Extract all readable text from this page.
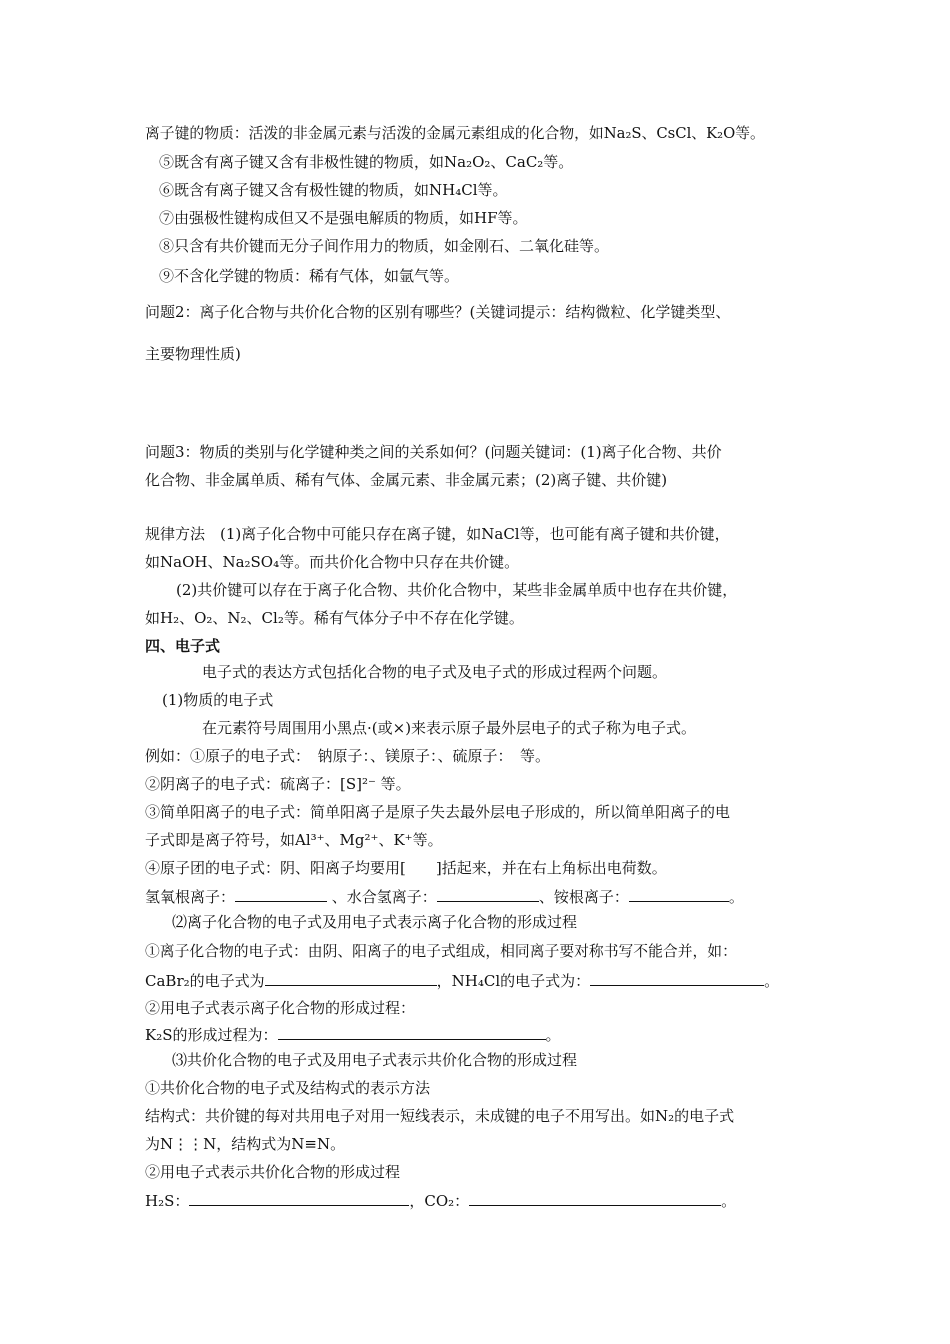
离子键的物质：活泼的非金属元素与活泼的金属元素组成的化合物，如Na₂S、CsCl、K₂O等。
⑤既含有离子键又含有非极性键的物质，如Na₂O₂、CaC₂等。
⑥既含有离子键又含有极性键的物质，如NH₄Cl等。
⑦由强极性键构成但又不是强电解质的物质，如HF等。
⑧只含有共价键而无分子间作用力的物质，如金刚石、二氧化硅等。
⑨不含化学键的物质：稀有气体，如氩气等。
问题2：离子化合物与共价化合物的区别有哪些？(关键词提示：结构微粒、化学键类型、
主要物理性质)
问题3：物质的类别与化学键种类之间的关系如何？(问题关键词：(1)离子化合物、共价
化合物、非金属单质、稀有气体、金属元素、非金属元素；(2)离子键、共价键)
规律方法　(1)离子化合物中可能只存在离子键，如NaCl等，也可能有离子键和共价键，
如NaOH、Na₂SO₄等。而共价化合物中只存在共价键。
(2)共价键可以存在于离子化合物、共价化合物中，某些非金属单质中也存在共价键，
如H₂、O₂、N₂、Cl₂等。稀有气体分子中不存在化学键。
四、电子式
电子式的表达方式包括化合物的电子式及电子式的形成过程两个问题。
(1)物质的电子式
在元素符号周围用小黑点·(或×)来表示原子最外层电子的式子称为电子式。
例如：①原子的电子式：　钠原子：、镁原子：、硫原子：　等。
②阴离子的电子式：硫离子：[S]²⁻ 等。
③简单阳离子的电子式：简单阳离子是原子失去最外层电子形成的，所以简单阳离子的电
子式即是离子符号，如Al³⁺、Mg²⁺、K⁺等。
④原子团的电子式：阴、阳离子均要用[　　]括起来，并在右上角标出电荷数。
氢氧根离子：	、水合氢离子：	、铵根离子：	。
⑵离子化合物的电子式及用电子式表示离子化合物的形成过程
①离子化合物的电子式：由阴、阳离子的电子式组成，相同离子要对称书写不能合并，如：
CaBr₂的电子式为	，NH₄Cl的电子式为：	。
②用电子式表示离子化合物的形成过程：
K₂S的形成过程为：	。
⑶共价化合物的电子式及用电子式表示共价化合物的形成过程
①共价化合物的电子式及结构式的表示方法
结构式：共价键的每对共用电子对用一短线表示，未成键的电子不用写出。如N₂的电子式
为N⋮⋮N，结构式为N≡N。
②用电子式表示共价化合物的形成过程
H₂S：	，CO₂：	。
